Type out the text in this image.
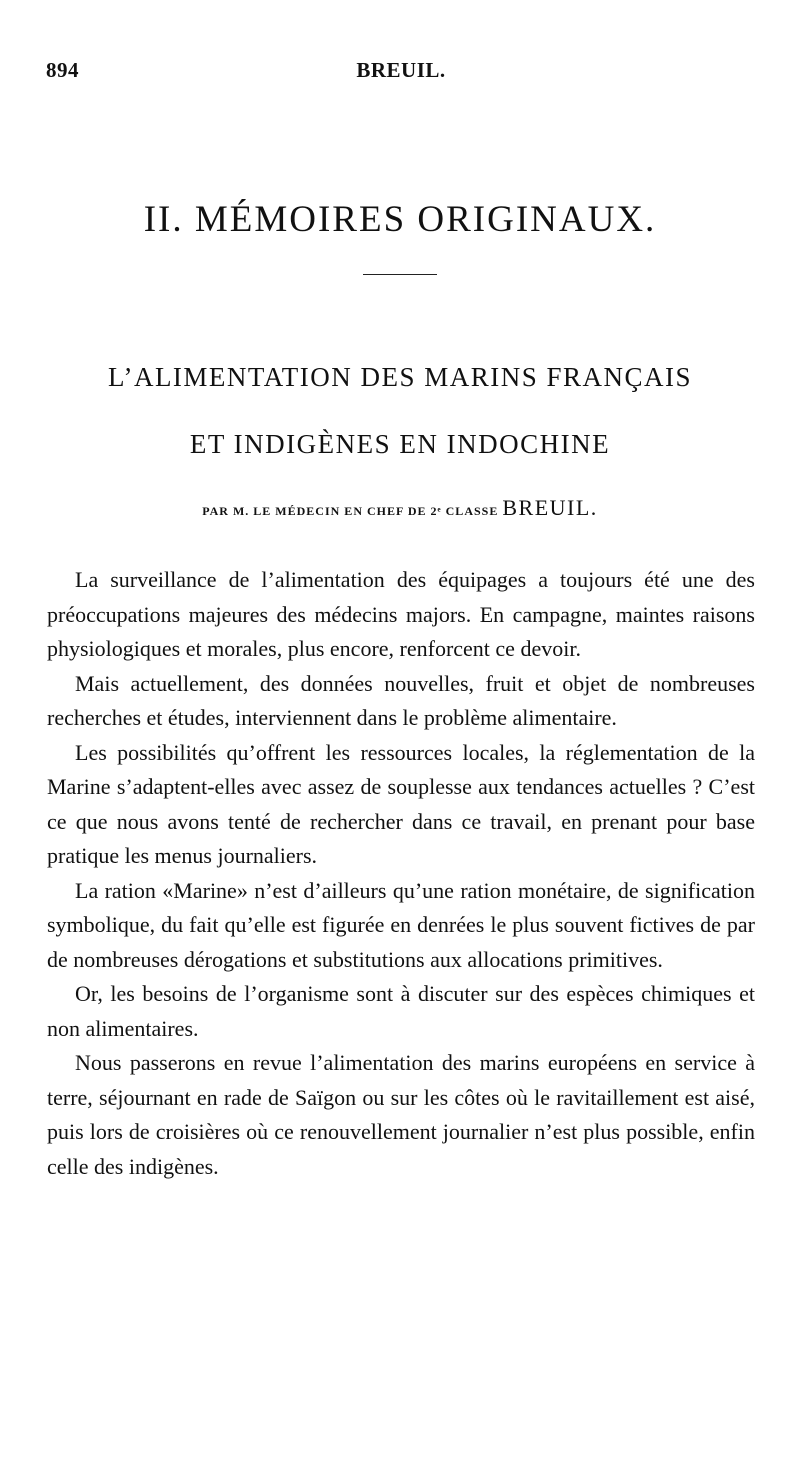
894	BREUIL.
II. MÉMOIRES ORIGINAUX.
L’ALIMENTATION DES MARINS FRANÇAIS
ET INDIGÈNES EN INDOCHINE
PAR M. LE MÉDECIN EN CHEF DE 2ᵉ CLASSE BREUIL.

La surveillance de l’alimentation des équipages a toujours été une des préoccupations majeures des médecins majors. En campagne, maintes raisons physiologiques et morales, plus encore, renforcent ce devoir.

Mais actuellement, des données nouvelles, fruit et objet de nombreuses recherches et études, interviennent dans le problème alimentaire.

Les possibilités qu’offrent les ressources locales, la réglementation de la Marine s’adaptent-elles avec assez de souplesse aux tendances actuelles ? C’est ce que nous avons tenté de rechercher dans ce travail, en prenant pour base pratique les menus journaliers.

La ration «Marine» n’est d’ailleurs qu’une ration monétaire, de signification symbolique, du fait qu’elle est figurée en denrées le plus souvent fictives de par de nombreuses dérogations et substitutions aux allocations primitives.

Or, les besoins de l’organisme sont à discuter sur des espèces chimiques et non alimentaires.

Nous passerons en revue l’alimentation des marins européens en service à terre, séjournant en rade de Saïgon ou sur les côtes où le ravitaillement est aisé, puis lors de croisières où ce renouvellement journalier n’est plus possible, enfin celle des indigènes.
